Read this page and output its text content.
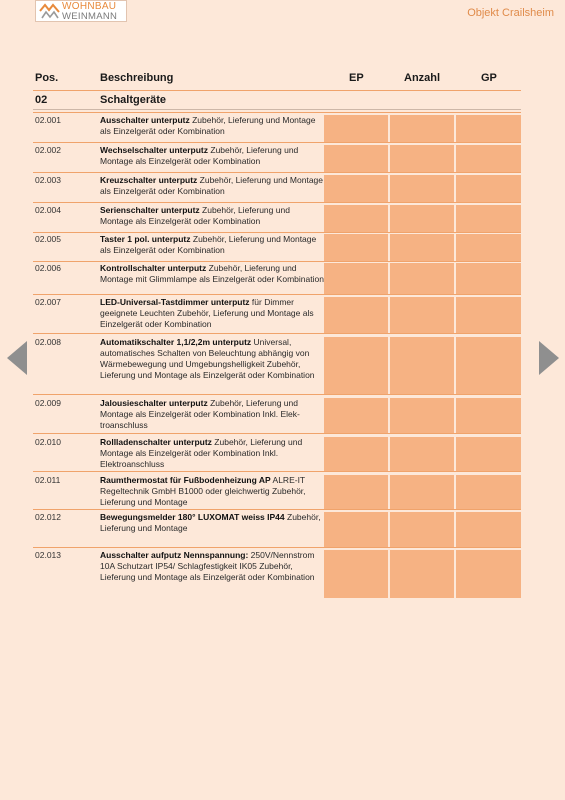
WOHNBAU
WEINMANN	Objekt Crailsheim
Pos.	Beschreibung	EP	Anzahl	GP
02	Schaltgeräte
02.001	Ausschalter unterputz Zubehör, Lieferung und Montage als Einzelgerät oder Kombination
02.002	Wechselschalter unterputz Zubehör, Lieferung und Montage als Einzelgerät oder Kombination
02.003	Kreuzschalter unterputz Zubehör, Lieferung und Montage als Einzelgerät oder Kombination
02.004	Serienschalter unterputz Zubehör, Lieferung und Montage als Einzelgerät oder Kombination
02.005	Taster 1 pol. unterputz Zubehör, Lieferung und Montage als Einzelgerät oder Kombination
02.006	Kontrollschalter unterputz Zubehör, Lieferung und Montage mit Glimmlampe als Einzelgerät oder Kombination
02.007	LED-Universal-Tastdimmer unterputz für Dimmer geeignete Leuchten Zubehör, Lieferung und Montage als Einzelgerät oder Kombination
02.008	Automatikschalter 1,1/2,2m unterputz Universal, automatisches Schalten von Beleuchtung abhängig von Wärmebewegung und Umgebungshelligkeit Zubehör, Lieferung und Montage als Einzelgerät oder Kombination
02.009	Jalousieschalter unterputz Zubehör, Lieferung und Montage als Einzelgerät oder Kombination Inkl. Elektroanschluss
02.010	Rollladenschalter unterputz Zubehör, Lieferung und Montage als Einzelgerät oder Kombination Inkl. Elektroanschluss
02.011	Raumthermostat für Fußbodenheizung AP ALRE-IT Regeltechnik GmbH B1000 oder gleichwertig Zubehör, Lieferung und Montage
02.012	Bewegungsmelder 180° LUXOMAT weiss IP44 Zubehör, Lieferung und Montage
02.013	Ausschalter aufputz Nennspannung: 250V/Nennstrom 10A Schutzart IP54/ Schlagfestigkeit IK05 Zubehör, Lieferung und Montage als Einzelgerät oder Kombination
